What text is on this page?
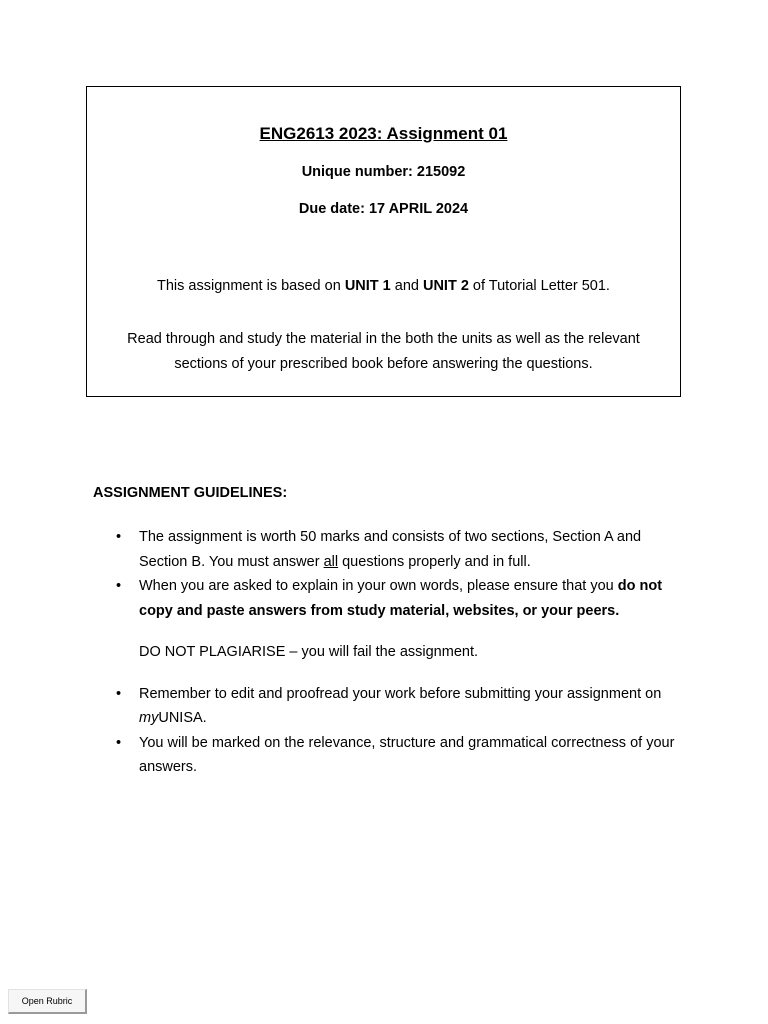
ENG2613 2023: Assignment 01

Unique number: 215092

Due date: 17 APRIL 2024

This assignment is based on UNIT 1 and UNIT 2 of Tutorial Letter 501.

Read through and study the material in the both the units as well as the relevant sections of your prescribed book before answering the questions.

ASSIGNMENT GUIDELINES:

• The assignment is worth 50 marks and consists of two sections, Section A and Section B. You must answer all questions properly and in full.
• When you are asked to explain in your own words, please ensure that you do not copy and paste answers from study material, websites, or your peers.

DO NOT PLAGIARISE – you will fail the assignment.

• Remember to edit and proofread your work before submitting your assignment on myUNISA.
• You will be marked on the relevance, structure and grammatical correctness of your answers.
Open Rubric
